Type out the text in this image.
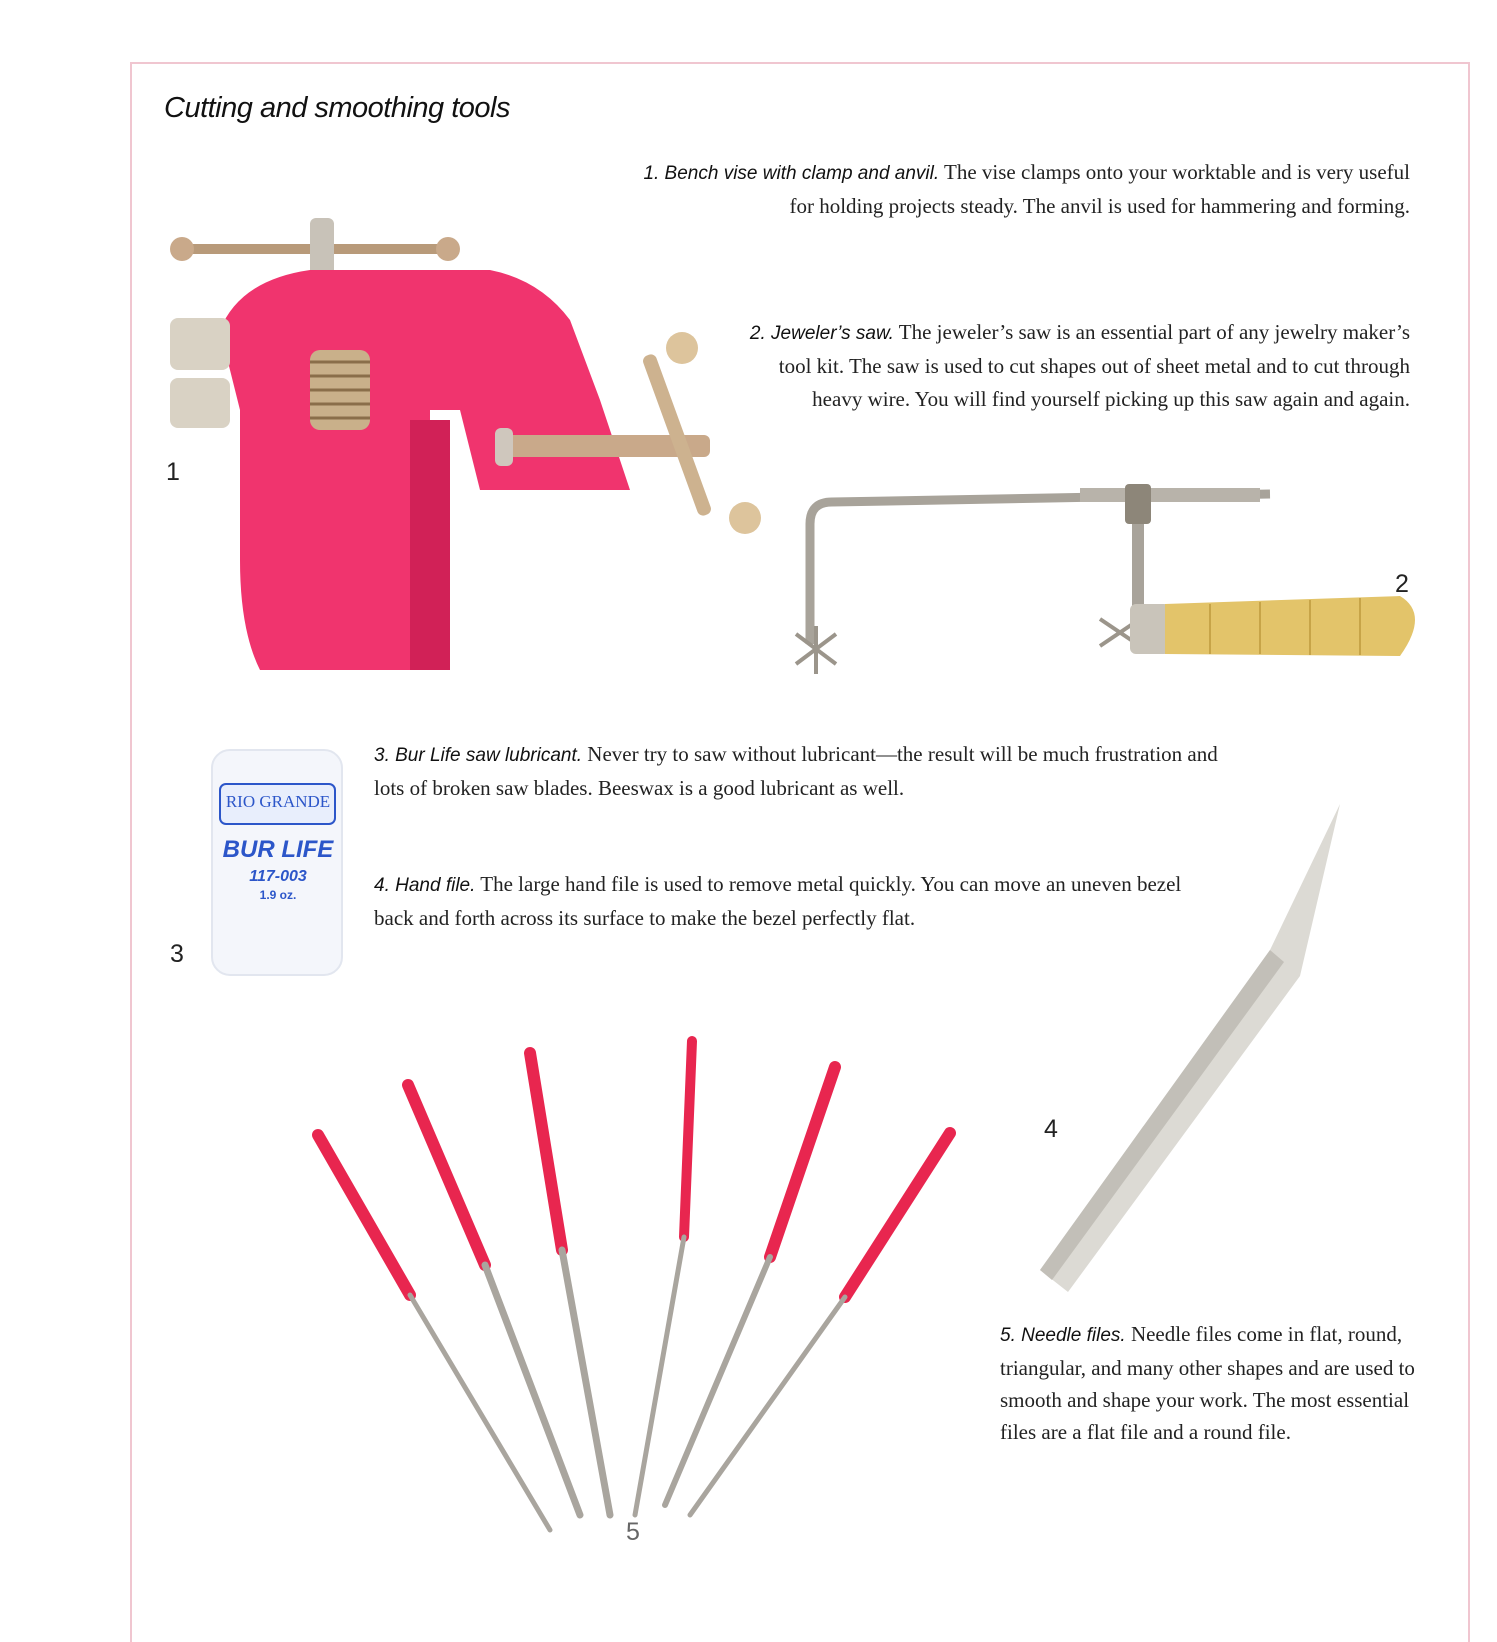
Cutting and smoothing tools
1. Bench vise with clamp and anvil. The vise clamps onto your worktable and is very useful for holding projects steady. The anvil is used for hammering and forming.
2. Jeweler’s saw. The jeweler’s saw is an essential part of any jewelry maker’s tool kit. The saw is used to cut shapes out of sheet metal and to cut through heavy wire. You will find yourself picking up this saw again and again.
3. Bur Life saw lubricant. Never try to saw without lubricant—the result will be much frustration and lots of broken saw blades. Beeswax is a good lubricant as well.
4. Hand file. The large hand file is used to remove metal quickly. You can move an uneven bezel back and forth across its surface to make the bezel perfectly flat.
5. Needle files. Needle files come in flat, round, triangular, and many other shapes and are used to smooth and shape your work. The most essential files are a flat file and a round file.
1
2
3
4
5
RIO GRANDE
BUR LIFE
117-003
1.9 oz.
